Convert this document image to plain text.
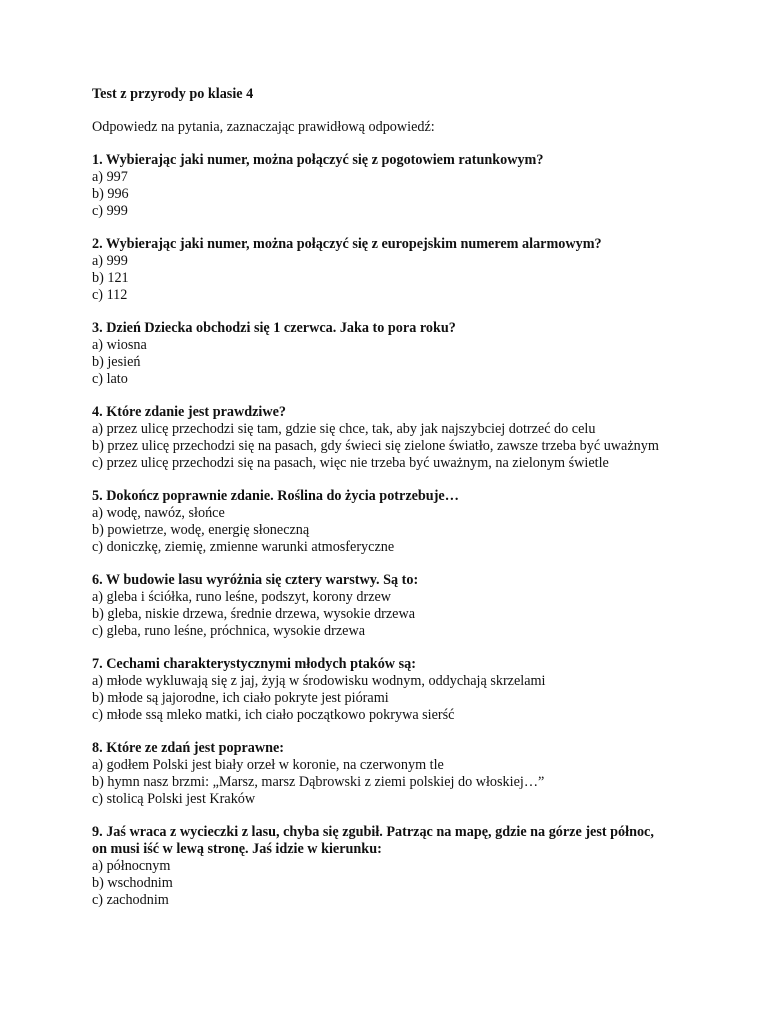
Test z przyrody po klasie 4
Odpowiedz na pytania, zaznaczając prawidłową odpowiedź:
1. Wybierając jaki numer, można połączyć się z pogotowiem ratunkowym?
a) 997
b) 996
c) 999
2. Wybierając jaki numer, można połączyć się z europejskim numerem alarmowym?
a) 999
b) 121
c) 112
3. Dzień Dziecka obchodzi się 1 czerwca. Jaka to pora roku?
a) wiosna
b) jesień
c) lato
4. Które zdanie jest prawdziwe?
a) przez ulicę przechodzi się tam, gdzie się chce, tak, aby jak najszybciej dotrzeć do celu
b) przez ulicę przechodzi się na pasach, gdy świeci się zielone światło, zawsze trzeba być uważnym
c) przez ulicę przechodzi się na pasach, więc nie trzeba być uważnym, na zielonym świetle
5. Dokończ poprawnie zdanie. Roślina do życia potrzebuje…
a) wodę, nawóz, słońce
b) powietrze, wodę, energię słoneczną
c) doniczkę, ziemię, zmienne warunki atmosferyczne
6. W budowie lasu wyróżnia się cztery warstwy. Są to:
a) gleba i ściółka, runo leśne, podszyt, korony drzew
b) gleba, niskie drzewa, średnie drzewa, wysokie drzewa
c) gleba, runo leśne, próchnica, wysokie drzewa
7. Cechami charakterystycznymi młodych ptaków są:
a) młode wykluwają się z jaj, żyją w środowisku wodnym, oddychają skrzelami
b) młode są jajorodne, ich ciało pokryte jest piórami
c) młode ssą mleko matki, ich ciało początkowo pokrywa sierść
8. Które ze zdań jest poprawne:
a) godłem Polski jest biały orzeł w koronie, na czerwonym tle
b) hymn nasz brzmi: „Marsz, marsz Dąbrowski z ziemi polskiej do włoskiej…”
c) stolicą Polski jest Kraków
9. Jaś wraca z wycieczki z lasu, chyba się zgubił. Patrząc na mapę, gdzie na górze jest północ, on musi iść w lewą stronę. Jaś idzie w kierunku:
a) północnym
b) wschodnim
c) zachodnim
